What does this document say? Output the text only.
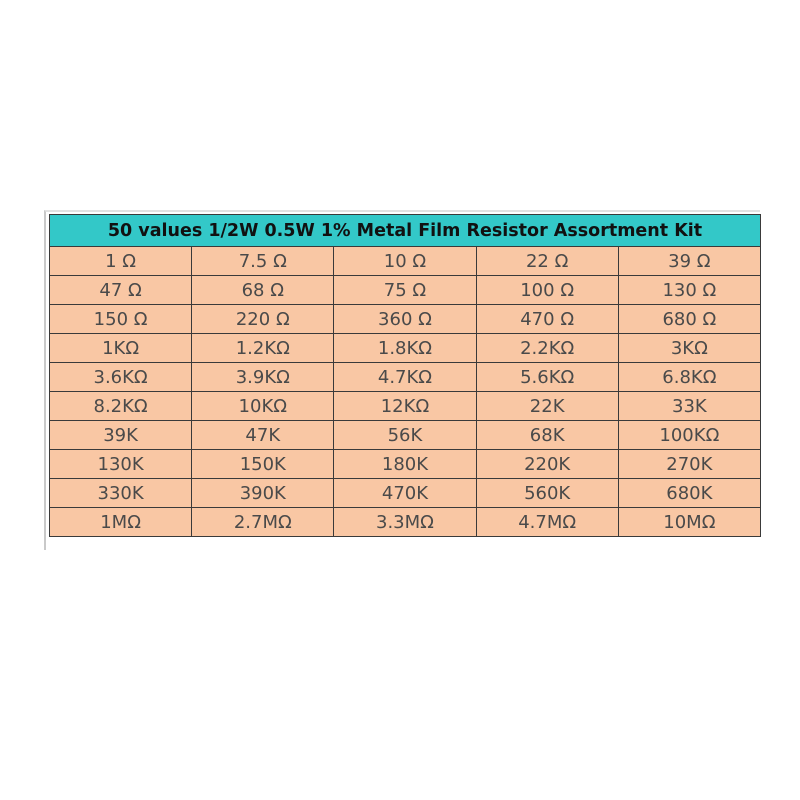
50 values 1/2W 0.5W 1% Metal Film Resistor Assortment Kit				
1 Ω	7.5 Ω	10 Ω	22 Ω	39 Ω
47 Ω	68 Ω	75 Ω	100 Ω	130 Ω
150 Ω	220 Ω	360 Ω	470 Ω	680 Ω
1KΩ	1.2KΩ	1.8KΩ	2.2KΩ	3KΩ
3.6KΩ	3.9KΩ	4.7KΩ	5.6KΩ	6.8KΩ
8.2KΩ	10KΩ	12KΩ	22K	33K
39K	47K	56K	68K	100KΩ
130K	150K	180K	220K	270K
330K	390K	470K	560K	680K
1MΩ	2.7MΩ	3.3MΩ	4.7MΩ	10MΩ
